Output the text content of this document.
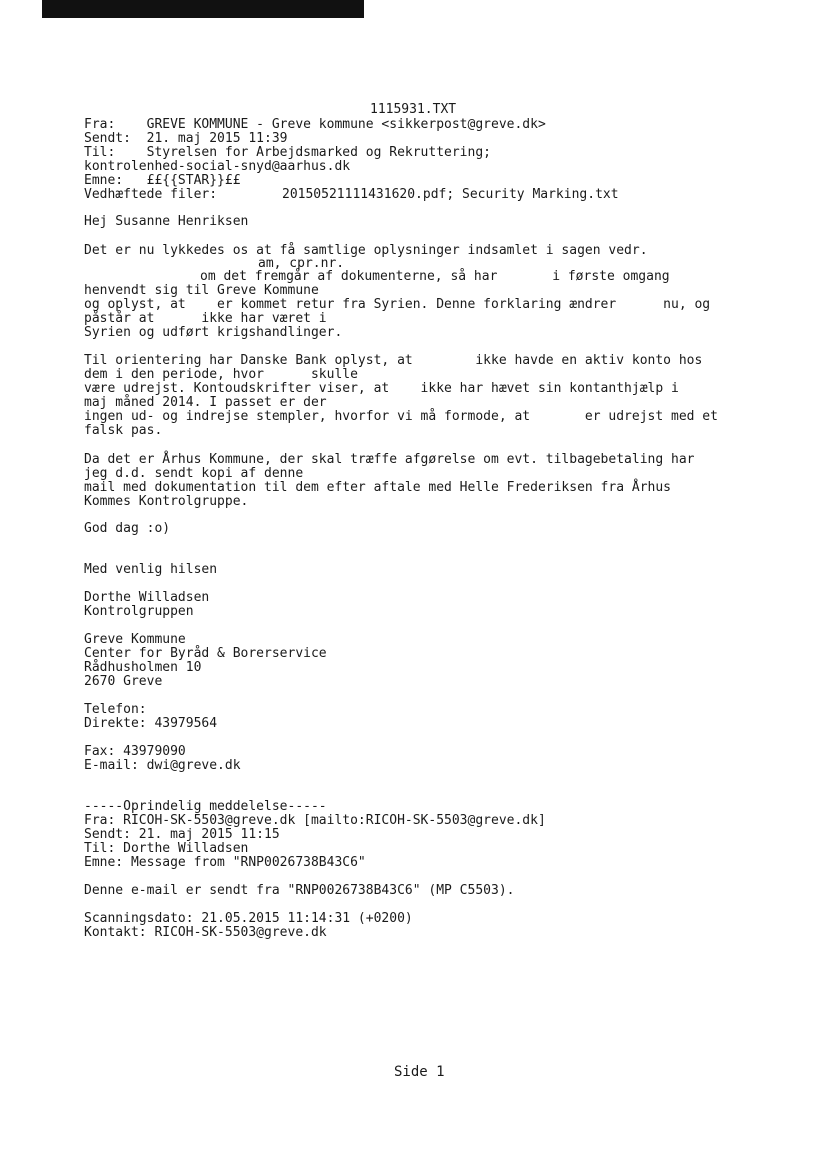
1115931.TXT
Fra:    GREVE KOMMUNE - Greve kommune <sikkerpost@greve.dk>
Sendt:  21. maj 2015 11:39
Til:    Styrelsen for Arbejdsmarked og Rekruttering;
kontrolenhed-social-snyd@aarhus.dk
Emne:   ££{{STAR}}££
Vedhæftede filer:	20150521111431620.pdf; Security Marking.txt
Hej Susanne Henriksen
Det er nu lykkedes os at få samtlige oplysninger indsamlet i sagen vedr.
am, cpr.nr.
om det fremgår af dokumenterne, så har       i første omgang
henvendt sig til Greve Kommune
og oplyst, at    er kommet retur fra Syrien. Denne forklaring ændrer      nu, og
påstår at      ikke har været i
Syrien og udført krigshandlinger.
Til orientering har Danske Bank oplyst, at        ikke havde en aktiv konto hos
dem i den periode, hvor      skulle
være udrejst. Kontoudskrifter viser, at    ikke har hævet sin kontanthjælp i
maj måned 2014. I passet er der
ingen ud- og indrejse stempler, hvorfor vi må formode, at       er udrejst med et
falsk pas.
Da det er Århus Kommune, der skal træffe afgørelse om evt. tilbagebetaling har
jeg d.d. sendt kopi af denne
mail med dokumentation til dem efter aftale med Helle Frederiksen fra Århus
Kommes Kontrolgruppe.
God dag :o)
Med venlig hilsen
Dorthe Willadsen
Kontrolgruppen
Greve Kommune
Center for Byråd & Borerservice
Rådhusholmen 10
2670 Greve
Telefon:
Direkte: 43979564
Fax: 43979090
E-mail: dwi@greve.dk
-----Oprindelig meddelelse-----
Fra: RICOH-SK-5503@greve.dk [mailto:RICOH-SK-5503@greve.dk]
Sendt: 21. maj 2015 11:15
Til: Dorthe Willadsen
Emne: Message from "RNP0026738B43C6"
Denne e-mail er sendt fra "RNP0026738B43C6" (MP C5503).
Scanningsdato: 21.05.2015 11:14:31 (+0200)
Kontakt: RICOH-SK-5503@greve.dk
Side 1
